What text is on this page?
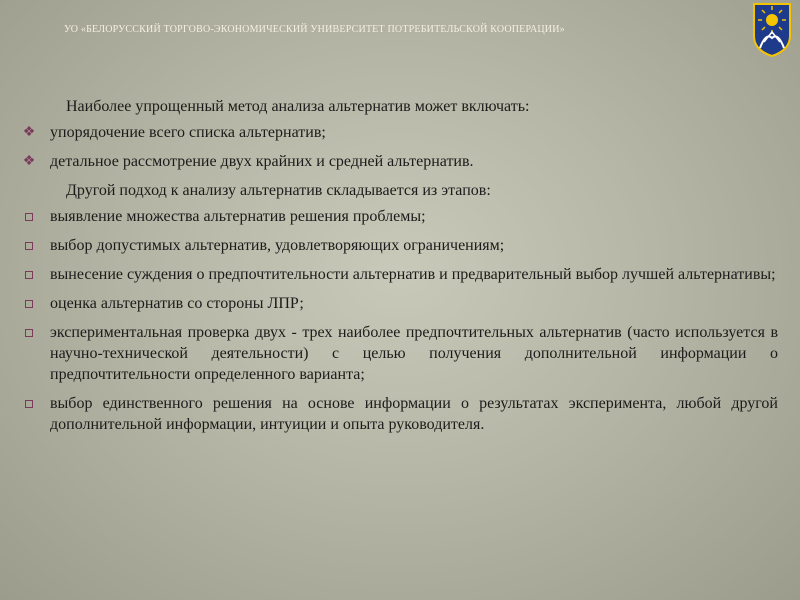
УО «БЕЛОРУССКИЙ ТОРГОВО-ЭКОНОМИЧЕСКИЙ УНИВЕРСИТЕТ ПОТРЕБИТЕЛЬСКОЙ КООПЕРАЦИИ»

Наиболее упрощенный метод анализа альтернатив может включать:

❖ упорядочение всего списка альтернатив;
❖ детальное рассмотрение двух крайних и средней альтернатив.

Другой подход к анализу альтернатив складывается из этапов:

выявление множества альтернатив решения проблемы;
выбор допустимых альтернатив, удовлетворяющих ограничениям;
вынесение суждения о предпочтительности альтернатив и предварительный выбор лучшей альтернативы;
оценка альтернатив со стороны ЛПР;
экспериментальная проверка двух - трех наиболее предпочтительных альтернатив (часто используется в научно-технической деятельности) с целью получения дополнительной информации о предпочтительности определенного варианта;
выбор единственного решения на основе информации о результатах эксперимента, любой другой дополнительной информации, интуиции и опыта руководителя.
